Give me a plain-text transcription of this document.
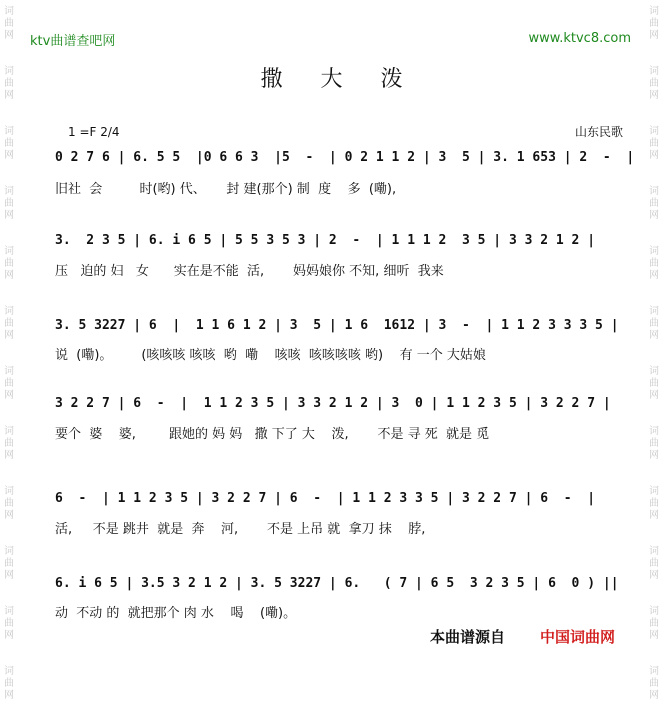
词
曲
网
词
曲
网
词
曲
网
词
曲
网
词
曲
网
词
曲
网
词
曲
网
词
曲
网
词
曲
网
词
曲
网
词
曲
网
词
曲
网
词
曲
网
词
曲
网
词
曲
网
词
曲
网
词
曲
网
词
曲
网
词
曲
网
词
曲
网
词
曲
网
词
曲
网
词
曲
网
词
曲
网
ktv曲谱查吧网	www.ktvc8.com
撒大泼
1 =F 2/4	山东民歌
0 2 7 6 | 6. 5 5  |0 6 6 3  |5  -  | 0 2 1 1 2 | 3  5 | 3. 1 653 | 2  -  |
旧社  会         时(哟) 代、     封 建(那个) 制  度    多  (嘞),
3.  2 3 5 | 6. i 6 5 | 5 5 3 5 3 | 2  -  | 1 1 1 2  3 5 | 3 3 2 1 2 |
压   迫的 妇   女      实在是不能  活,       妈妈娘你 不知, 细听  我来
3. 5 3227 | 6  |  1 1 6 1 2 | 3  5 | 1 6  1612 | 3  -  | 1 1 2 3 3 3 5 |
说  (嘞)。       (咳咳咳 咳咳  哟  嘞    咳咳  咳咳咳咳 哟)    有 一个 大姑娘
3 2 2 7 | 6  -  |  1 1 2 3 5 | 3 3 2 1 2 | 3  0 | 1 1 2 3 5 | 3 2 2 7 |
要个  婆    婆,        跟她的 妈 妈   撒 下了 大    泼,       不是 寻 死  就是 觅
6  -  | 1 1 2 3 5 | 3 2 2 7 | 6  -  | 1 1 2 3 3 5 | 3 2 2 7 | 6  -  |
活,     不是 跳井  就是  奔    河,       不是 上吊 就  拿刀 抹    脖,
6. i 6 5 | 3.5 3 2 1 2 | 3. 5 3227 | 6.   ( 7 | 6 5  3 2 3 5 | 6  0 ) ||
动  不动 的  就把那个 肉 水    喝    (嘞)。
本曲谱源自 中国词曲网
